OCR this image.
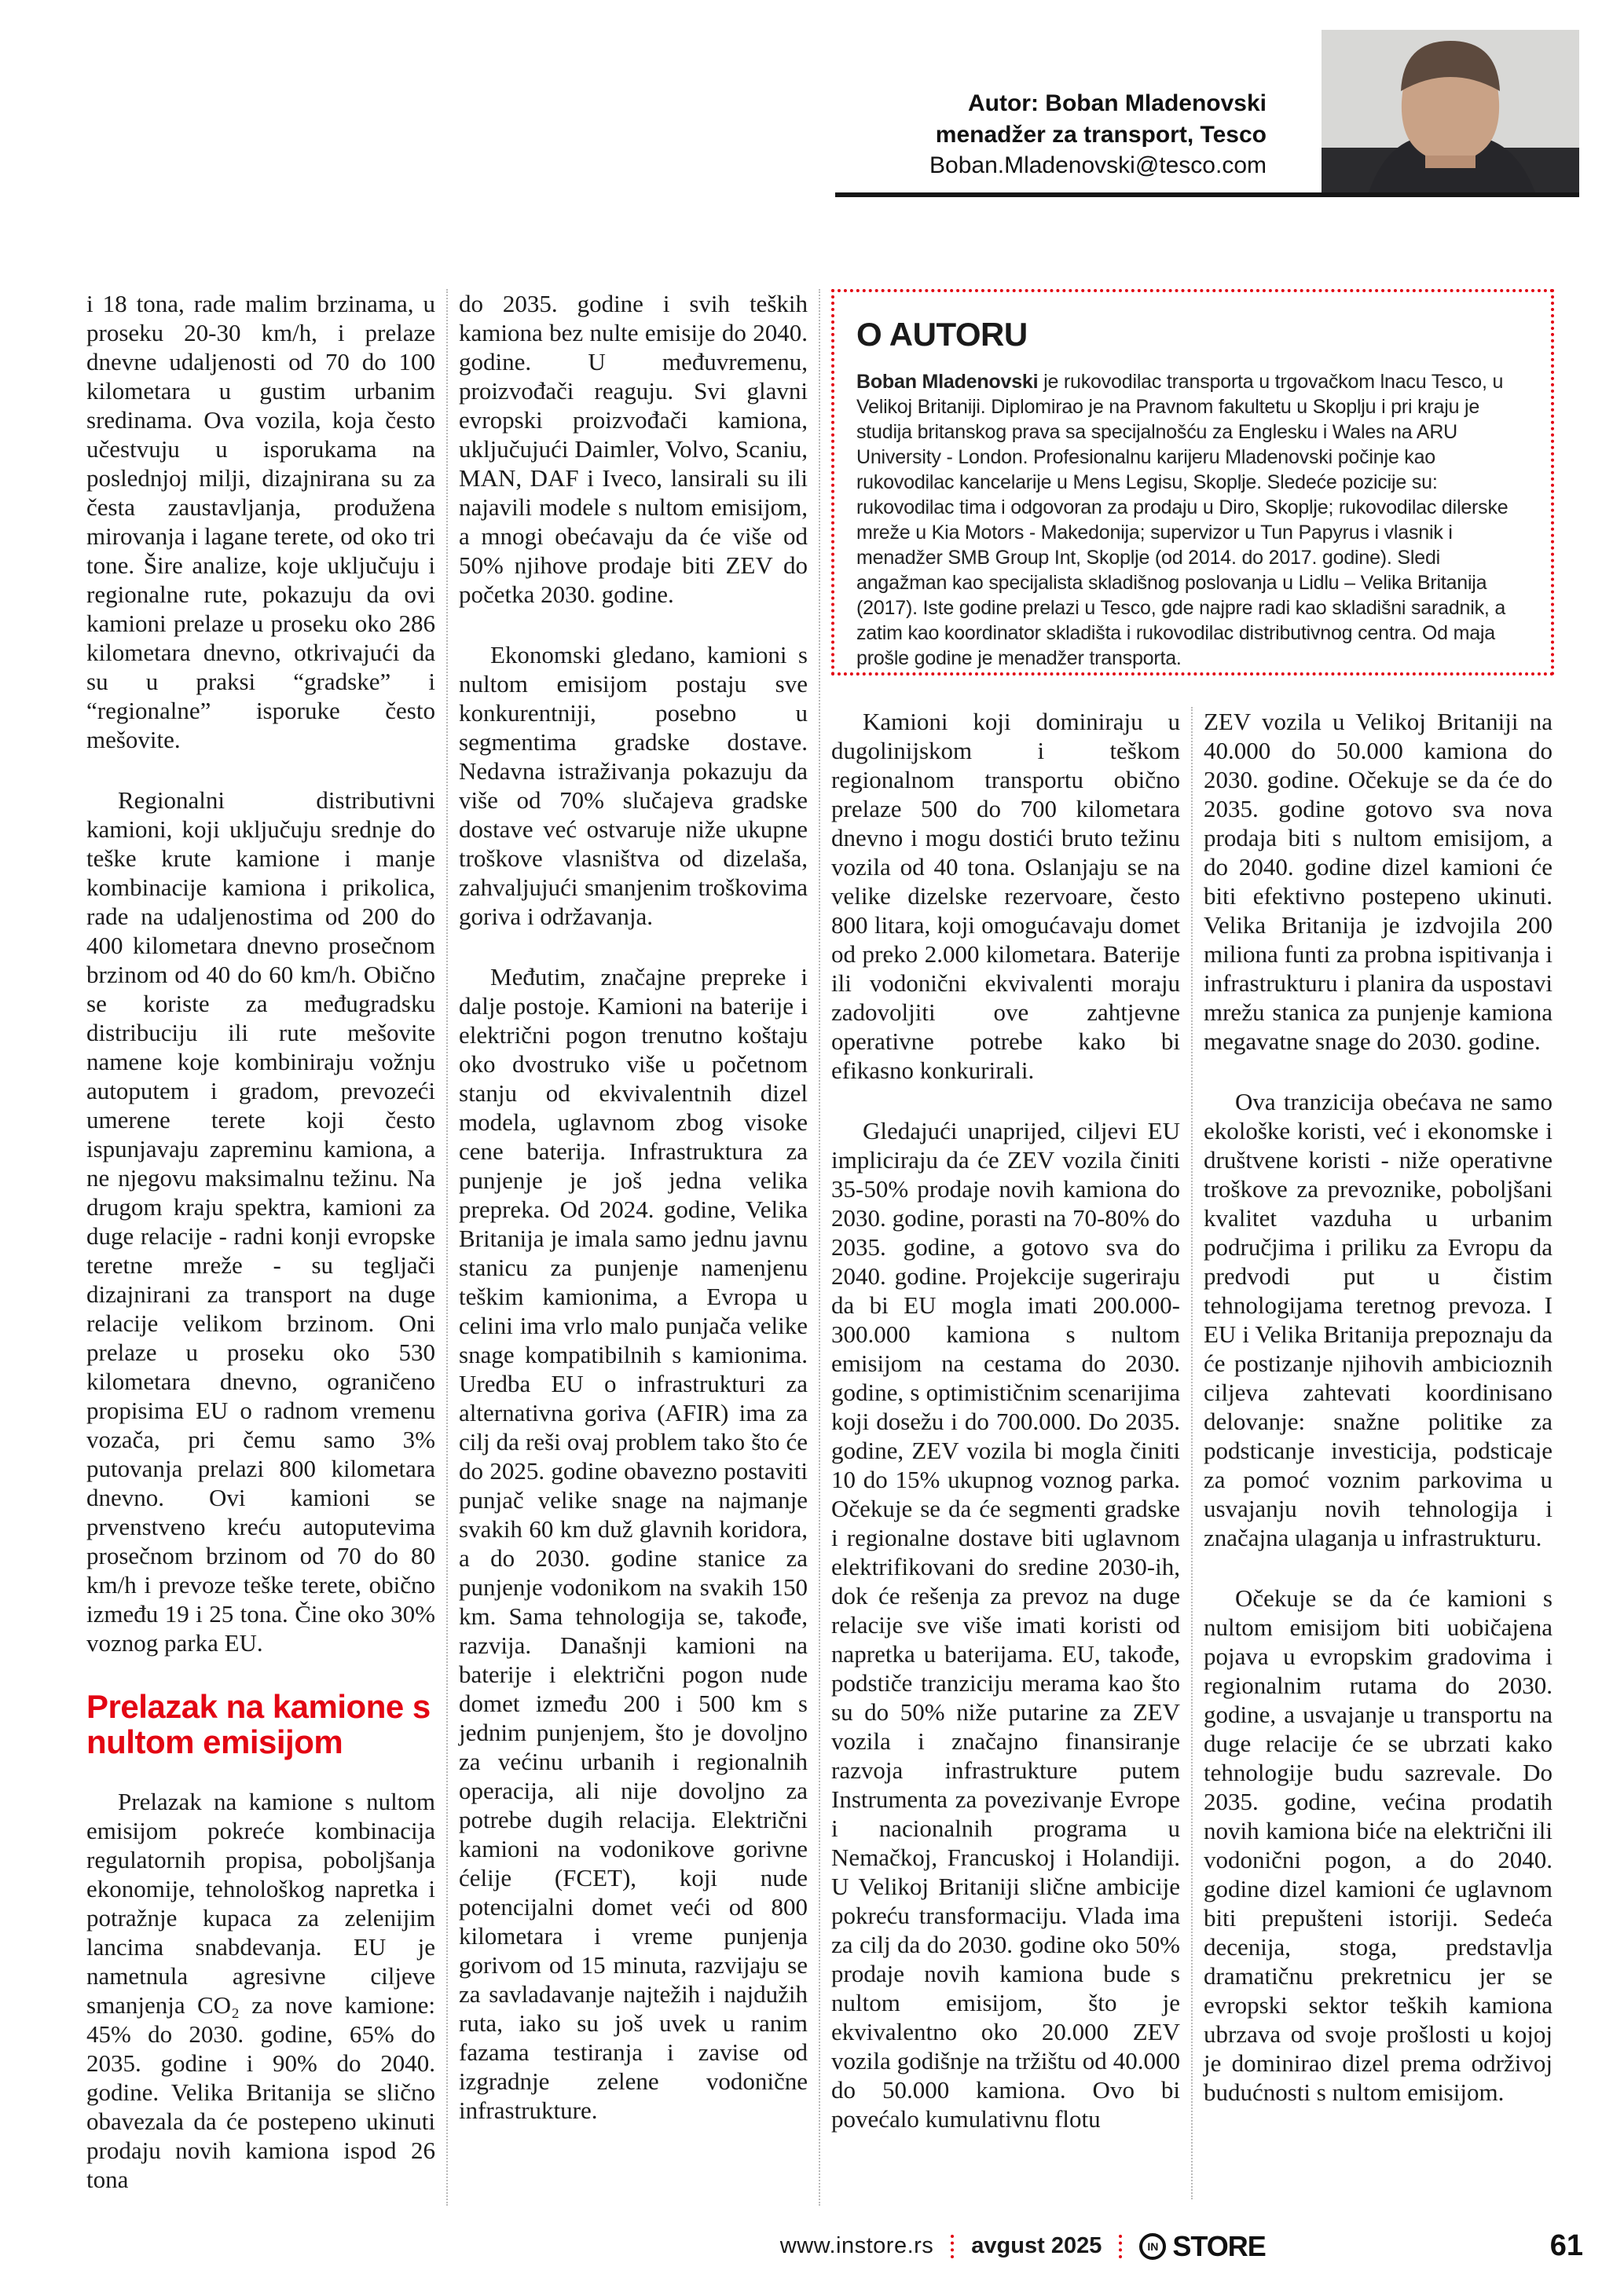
Autor: Boban Mladenovski
menadžer za transport, Tesco
Boban.Mladenovski@tesco.com

i 18 tona, rade malim brzinama, u proseku 20-30 km/h, i prelaze dnevne udaljenosti od 70 do 100 kilometara u gustim urbanim sredinama. Ova vozila, koja često učestvuju u isporukama na poslednjoj milji, dizajnirana su za česta zaustavljanja, produžena mirovanja i lagane terete, od oko tri tone. Šire analize, koje uključuju i regionalne rute, pokazuju da ovi kamioni prelaze u proseku oko 286 kilometara dnevno, otkrivajući da su u praksi “gradske” i “regionalne” isporuke često mešovite.

Regionalni distributivni kamioni, koji uključuju srednje do teške krute kamione i manje kombinacije kamiona i prikolica, rade na udaljenostima od 200 do 400 kilometara dnevno prosečnom brzinom od 40 do 60 km/h. Obično se koriste za međugradsku distribuciju ili rute mešovite namene koje kombiniraju vožnju autoputem i gradom, prevozeći umerene terete koji često ispunjavaju zapreminu kamiona, a ne njegovu maksimalnu težinu. Na drugom kraju spektra, kamioni za duge relacije - radni konji evropske teretne mreže - su tegljači dizajnirani za transport na duge relacije velikom brzinom. Oni prelaze u proseku oko 530 kilometara dnevno, ograničeno propisima EU o radnom vremenu vozača, pri čemu samo 3% putovanja prelazi 800 kilometara dnevno. Ovi kamioni se prvenstveno kreću autoputevima prosečnom brzinom od 70 do 80 km/h i prevoze teške terete, obično između 19 i 25 tona. Čine oko 30% voznog parka EU.

Prelazak na kamione s nultom emisijom

Prelazak na kamione s nultom emisijom pokreće kombinacija regulatornih propisa, poboljšanja ekonomije, tehnološkog napretka i potražnje kupaca za zelenijim lancima snabdevanja. EU je nametnula agresivne ciljeve smanjenja CO₂ za nove kamione: 45% do 2030. godine, 65% do 2035. godine i 90% do 2040. godine. Velika Britanija se slično obavezala da će postepeno ukinuti prodaju novih kamiona ispod 26 tona

do 2035. godine i svih teških kamiona bez nulte emisije do 2040. godine. U međuvremenu, proizvođači reaguju. Svi glavni evropski proizvođači kamiona, uključujući Daimler, Volvo, Scaniu, MAN, DAF i Iveco, lansirali su ili najavili modele s nultom emisijom, a mnogi obećavaju da će više od 50% njihove prodaje biti ZEV do početka 2030. godine.

Ekonomski gledano, kamioni s nultom emisijom postaju sve konkurentniji, posebno u segmentima gradske dostave. Nedavna istraživanja pokazuju da više od 70% slučajeva gradske dostave već ostvaruje niže ukupne troškove vlasništva od dizelaša, zahvaljujući smanjenim troškovima goriva i održavanja.

Međutim, značajne prepreke i dalje postoje. Kamioni na baterije i električni pogon trenutno koštaju oko dvostruko više u početnom stanju od ekvivalentnih dizel modela, uglavnom zbog visoke cene baterija. Infrastruktura za punjenje je još jedna velika prepreka. Od 2024. godine, Velika Britanija je imala samo jednu javnu stanicu za punjenje namenjenu teškim kamionima, a Evropa u celini ima vrlo malo punjača velike snage kompatibilnih s kamionima. Uredba EU o infrastrukturi za alternativna goriva (AFIR) ima za cilj da reši ovaj problem tako što će do 2025. godine obavezno postaviti punjač velike snage na najmanje svakih 60 km duž glavnih koridora, a do 2030. godine stanice za punjenje vodonikom na svakih 150 km. Sama tehnologija se, takođe, razvija. Današnji kamioni na baterije i električni pogon nude domet između 200 i 500 km s jednim punjenjem, što je dovoljno za većinu urbanih i regionalnih operacija, ali nije dovoljno za potrebe dugih relacija. Električni kamioni na vodonikove gorivne ćelije (FCET), koji nude potencijalni domet veći od 800 kilometara i vreme punjenja gorivom od 15 minuta, razvijaju se za savladavanje najtežih i najdužih ruta, iako su još uvek u ranim fazama testiranja i zavise od izgradnje zelene vodonične infrastrukture.

O AUTORU
Boban Mladenovski je rukovodilac transporta u trgovačkom lnacu Tesco, u Velikoj Britaniji. Diplomirao je na Pravnom fakultetu u Skoplju i pri kraju je studija britanskog prava sa specijalnošću za Englesku i Wales na ARU University - London. Profesionalnu karijeru Mladenovski počinje kao rukovodilac kancelarije u Mens Legisu, Skoplje. Sledeće pozicije su: rukovodilac tima i odgovoran za prodaju u Diro, Skoplje; rukovodilac dilerske mreže u Kia Motors - Makedonija; supervizor u Tun Papyrus i vlasnik i menadžer SMB Group Int, Skoplje (od 2014. do 2017. godine). Sledi angažman kao specijalista skladišnog poslovanja u Lidlu – Velika Britanija (2017). Iste godine prelazi u Tesco, gde najpre radi kao skladišni saradnik, a zatim kao koordinator skladišta i rukovodilac distributivnog centra. Od maja prošle godine je menadžer transporta.

Kamioni koji dominiraju u dugolinijskom i teškom regionalnom transportu obično prelaze 500 do 700 kilometara dnevno i mogu dostići bruto težinu vozila od 40 tona. Oslanjaju se na velike dizelske rezervoare, često 800 litara, koji omogućavaju domet od preko 2.000 kilometara. Baterije ili vodonični ekvivalenti moraju zadovoljiti ove zahtjevne operativne potrebe kako bi efikasno konkurirali.

Gledajući unaprijed, ciljevi EU impliciraju da će ZEV vozila činiti 35-50% prodaje novih kamiona do 2030. godine, porasti na 70-80% do 2035. godine, a gotovo sva do 2040. godine. Projekcije sugeriraju da bi EU mogla imati 200.000-300.000 kamiona s nultom emisijom na cestama do 2030. godine, s optimističnim scenarijima koji dosežu i do 700.000. Do 2035. godine, ZEV vozila bi mogla činiti 10 do 15% ukupnog voznog parka. Očekuje se da će segmenti gradske i regionalne dostave biti uglavnom elektrifikovani do sredine 2030-ih, dok će rešenja za prevoz na duge relacije sve više imati koristi od napretka u baterijama. EU, takođe, podstiče tranziciju merama kao što su do 50% niže putarine za ZEV vozila i značajno finansiranje razvoja infrastrukture putem Instrumenta za povezivanje Evrope i nacionalnih programa u Nemačkoj, Francuskoj i Holandiji. U Velikoj Britaniji slične ambicije pokreću transformaciju. Vlada ima za cilj da do 2030. godine oko 50% prodaje novih kamiona bude s nultom emisijom, što je ekvivalentno oko 20.000 ZEV vozila godišnje na tržištu od 40.000 do 50.000 kamiona. Ovo bi povećalo kumulativnu flotu

ZEV vozila u Velikoj Britaniji na 40.000 do 50.000 kamiona do 2030. godine. Očekuje se da će do 2035. godine gotovo sva nova prodaja biti s nultom emisijom, a do 2040. godine dizel kamioni će biti efektivno postepeno ukinuti. Velika Britanija je izdvojila 200 miliona funti za probna ispitivanja i infrastrukturu i planira da uspostavi mrežu stanica za punjenje kamiona megavatne snage do 2030. godine.

Ova tranzicija obećava ne samo ekološke koristi, već i ekonomske i društvene koristi - niže operativne troškove za prevoznike, poboljšani kvalitet vazduha u urbanim područjima i priliku za Evropu da predvodi put u čistim tehnologijama teretnog prevoza. I EU i Velika Britanija prepoznaju da će postizanje njihovih ambicioznih ciljeva zahtevati koordinisano delovanje: snažne politike za podsticanje investicija, podsticaje za pomoć voznim parkovima u usvajanju novih tehnologija i značajna ulaganja u infrastrukturu.

Očekuje se da će kamioni s nultom emisijom biti uobičajena pojava u evropskim gradovima i regionalnim rutama do 2030. godine, a usvajanje u transportu na duge relacije će se ubrzati kako tehnologije budu sazrevale. Do 2035. godine, većina prodatih novih kamiona biće na električni ili vodonični pogon, a do 2040. godine dizel kamioni će uglavnom biti prepušteni istoriji. Sedeća decenija, stoga, predstavlja dramatičnu prekretnicu jer se evropski sektor teških kamiona ubrzava od svoje prošlosti u kojoj je dominirao dizel prema održivoj budućnosti s nultom emisijom.

www.instore.rs avgust 2025	IN STORE	61
